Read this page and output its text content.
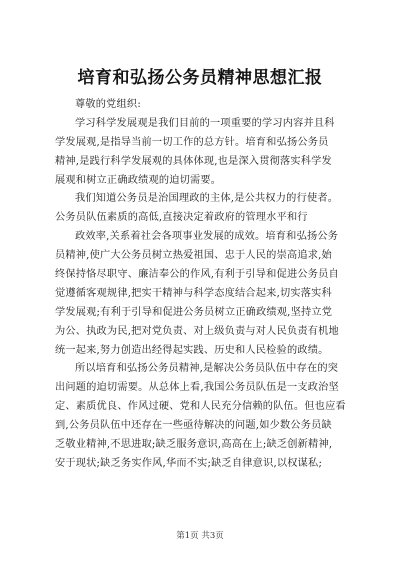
培育和弘扬公务员精神思想汇报
尊敬的党组织:
学习科学发展观是我们目前的一项重要的学习内容并且科
学发展观,是指导当前一切工作的总方针。培育和弘扬公务员
精神,是践行科学发展观的具体体现,也是深入贯彻落实科学发
展观和树立正确政绩观的迫切需要。
我们知道公务员是治国理政的主体,是公共权力的行使者。
公务员队伍素质的高低,直接决定着政府的管理水平和行
政效率,关系着社会各项事业发展的成效。培育和弘扬公务
员精神,使广大公务员树立热爱祖国、忠于人民的崇高追求,始
终保持恪尽职守、廉洁奉公的作风,有利于引导和促进公务员自
觉遵循客观规律,把实干精神与科学态度结合起来,切实落实科
学发展观;有利于引导和促进公务员树立正确政绩观,坚持立党
为公、执政为民,把对党负责、对上级负责与对人民负责有机地
统一起来,努力创造出经得起实践、历史和人民检验的政绩。
所以培育和弘扬公务员精神,是解决公务员队伍中存在的突
出问题的迫切需要。从总体上看,我国公务员队伍是一支政治坚
定、素质优良、作风过硬、党和人民充分信赖的队伍。但也应看
到,公务员队伍中还存在一些亟待解决的问题,如少数公务员缺
乏敬业精神,不思进取;缺乏服务意识,高高在上;缺乏创新精神,
安于现状;缺乏务实作风,华而不实;缺乏自律意识,以权谋私;
第1页 共3页
